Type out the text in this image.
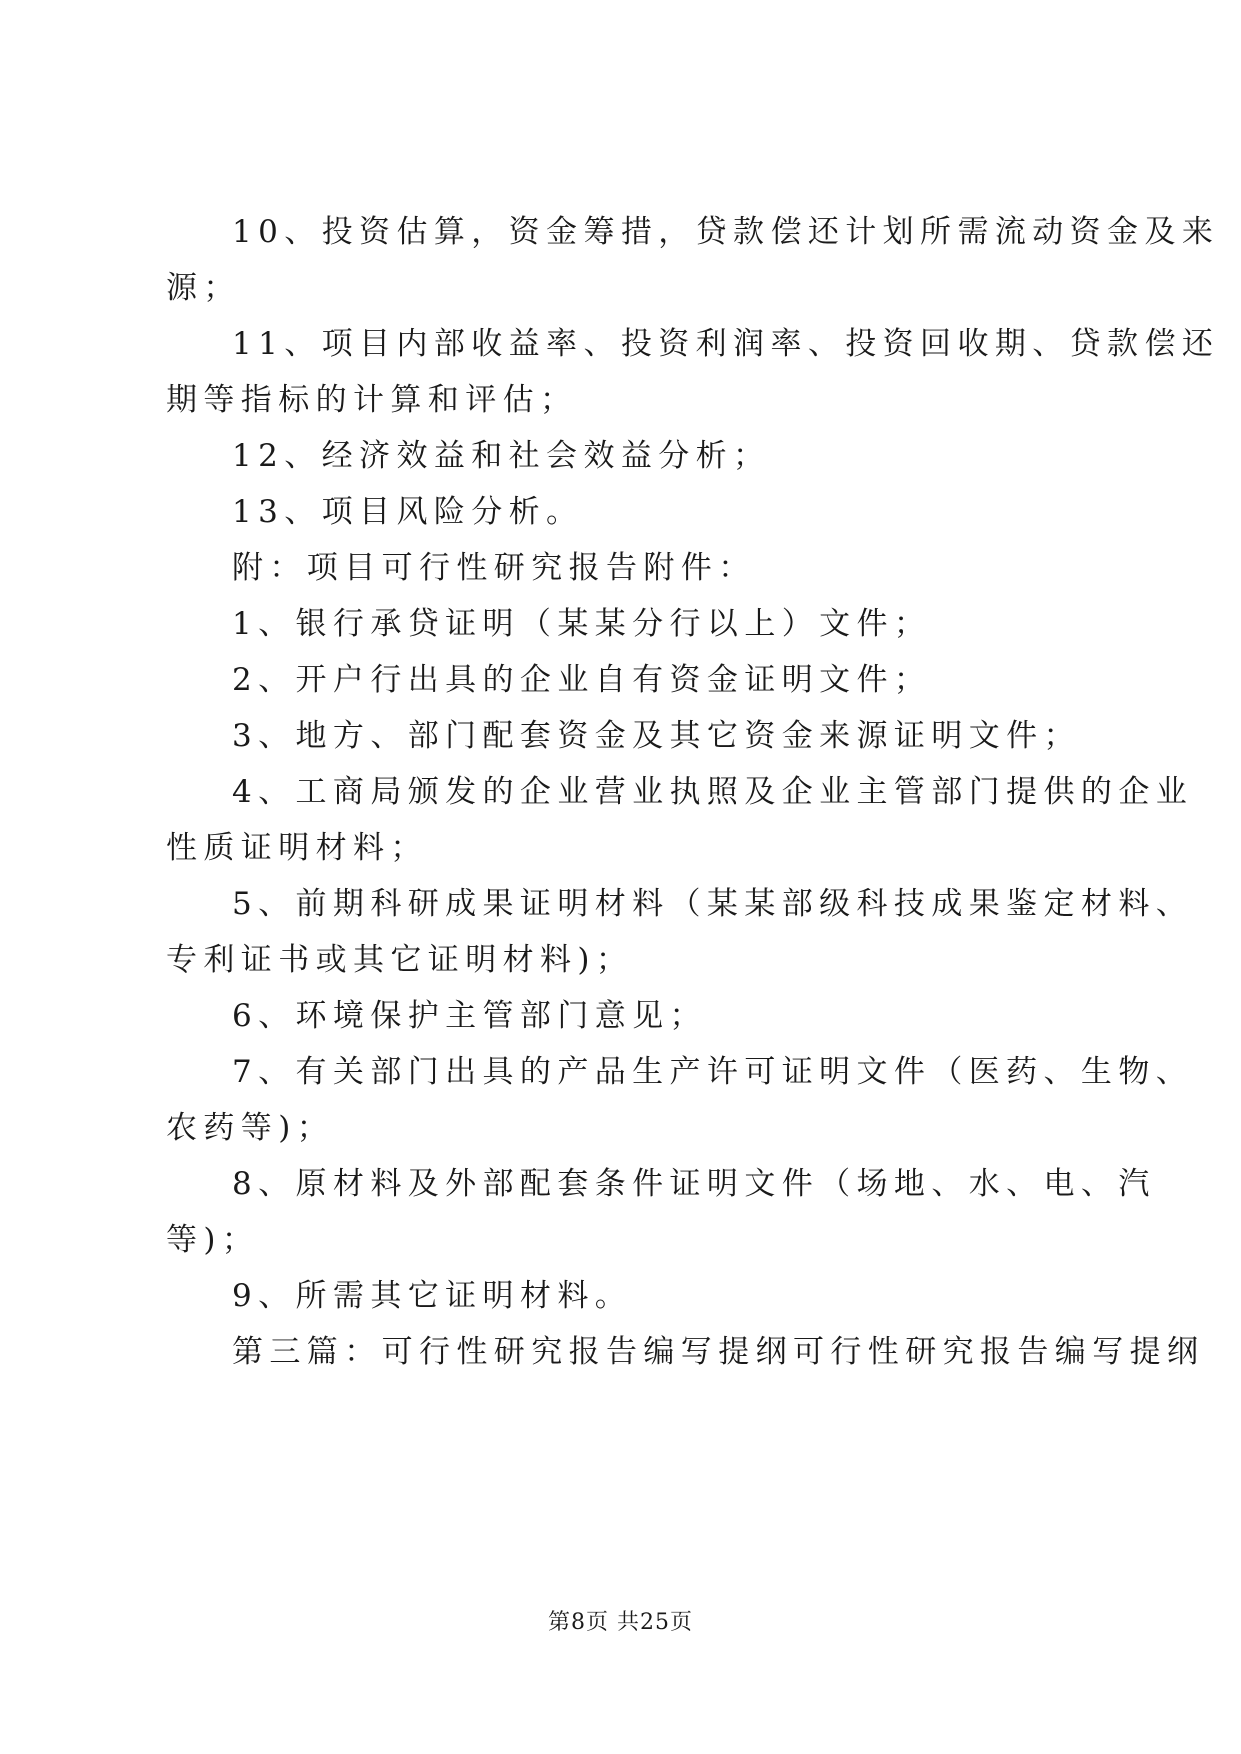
10、投资估算，资金筹措，贷款偿还计划所需流动资金及来
源；
11、项目内部收益率、投资利润率、投资回收期、贷款偿还
期等指标的计算和评估；
12、经济效益和社会效益分析；
13、项目风险分析。
附：项目可行性研究报告附件：
1、银行承贷证明（某某分行以上）文件；
2、开户行出具的企业自有资金证明文件；
3、地方、部门配套资金及其它资金来源证明文件；
4、工商局颁发的企业营业执照及企业主管部门提供的企业
性质证明材料；
5、前期科研成果证明材料（某某部级科技成果鉴定材料、
专利证书或其它证明材料)；
6、环境保护主管部门意见；
7、有关部门出具的产品生产许可证明文件（医药、生物、
农药等)；
8、原材料及外部配套条件证明文件（场地、水、电、汽
等)；
9、所需其它证明材料。
第三篇：可行性研究报告编写提纲可行性研究报告编写提纲
第8页 共25页
